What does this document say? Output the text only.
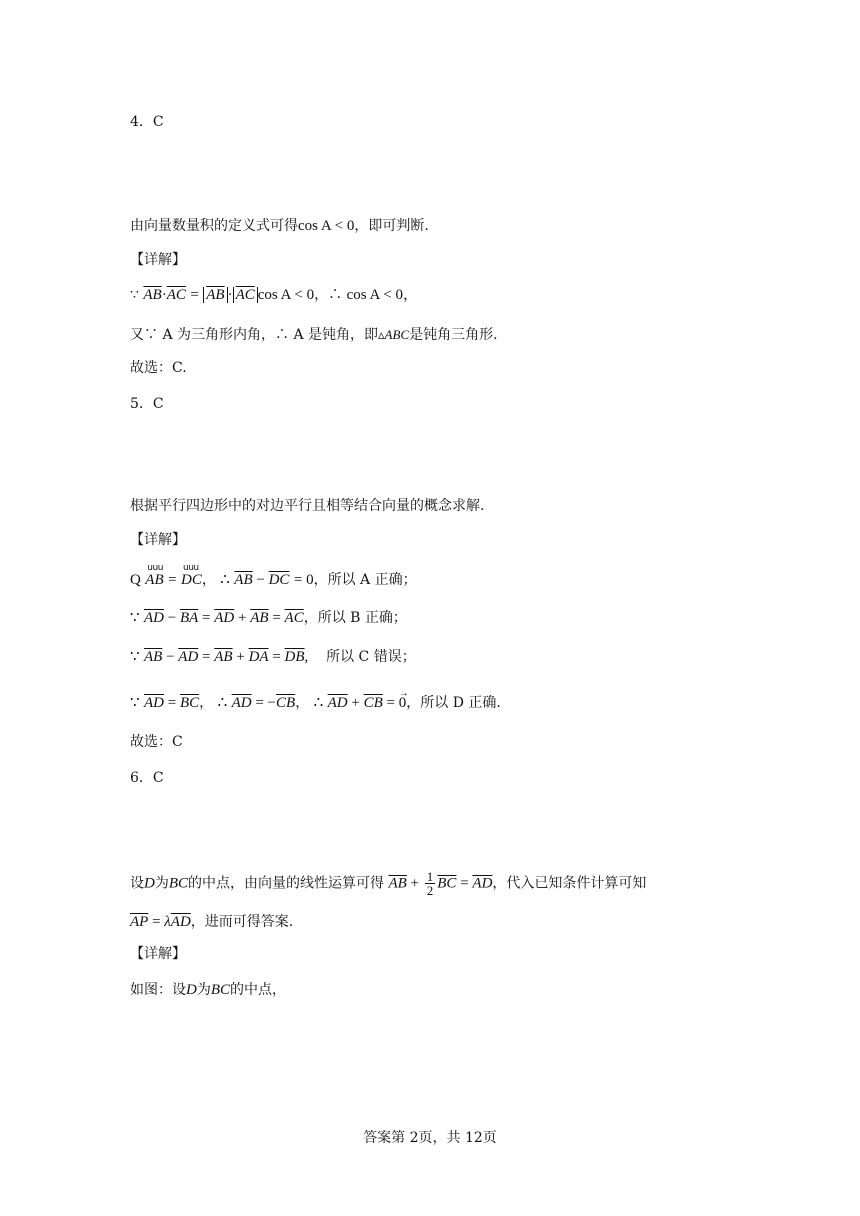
4．C
由向量数量积的定义式可得cos A < 0，即可判断.
【详解】
∵ $\overline{AB}\cdot\overline{AC} = \overline{AB} \cdot \overline{AC}$ cos A < 0，∴ cos A < 0，
又∵ A 为三角形内角，∴ A 是钝角，即▵ABC是钝角三角形.
故选：C.
5．C
根据平行四边形中的对边平行且相等结合向量的概念求解.
【详解】
Q
uuu
AB =
uuu
DC， ∴ $\overline{AB} - \overline{DC} = 0$，所以 A 正确；
∵ $\overline{AD} - \overline{BA} = \overline{AD} + \overline{AB} = \overline{AC}$，所以 B 正确；
∵ $\overline{AB} - \overline{AD} = \overline{AB} + \overline{DA} = \overline{DB}$, 所以 C 错误；
∵ $\overline{AD} = \overline{BC}$， ∴ $\overline{AD} = -\overline{CB}$， ∴ $\overline{AD} + \overline{CB}$ =
→
0，所以 D 正确.
故选：C
6．C
设D为BC的中点，由向量的线性运算可得 $\overline{AB} + \frac{1}{2} \overline{BC} = \overline{AD}$，代入已知条件计算可知
$\overline{AP} = \lambda\overline{AD}$，进而可得答案.
【详解】
如图：设D为BC的中点，
答案第 2页，共 12页
